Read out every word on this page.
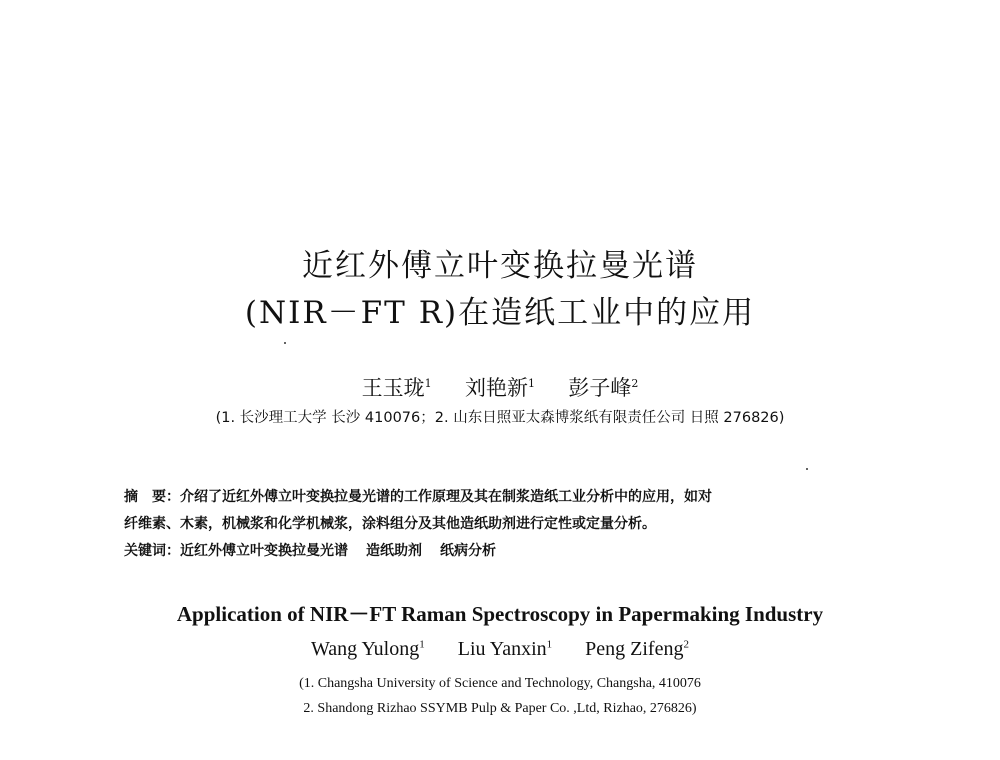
近红外傅立叶变换拉曼光谱
(NIR－FT R)在造纸工业中的应用
王玉珑$^1$ 刘艳新$^1$ 彭子峰$^2$
(1. 长沙理工大学 长沙 410076；2. 山东日照亚太森博浆纸有限责任公司 日照 276826)
摘　要：介绍了近红外傅立叶变换拉曼光谱的工作原理及其在制浆造纸工业分析中的应用，如对
纤维素、木素，机械浆和化学机械浆，涂料组分及其他造纸助剂进行定性或定量分析。
关键词：近红外傅立叶变换拉曼光谱 造纸助剂 纸病分析
Application of NIR－FT Raman Spectroscopy in Papermaking Industry
Wang Yulong$^1$ Liu Yanxin$^1$ Peng Zifeng$^2$
(1. Changsha University of Science and Technology, Changsha, 410076
2. Shandong Rizhao SSYMB Pulp & Paper Co. ,Ltd, Rizhao, 276826)
